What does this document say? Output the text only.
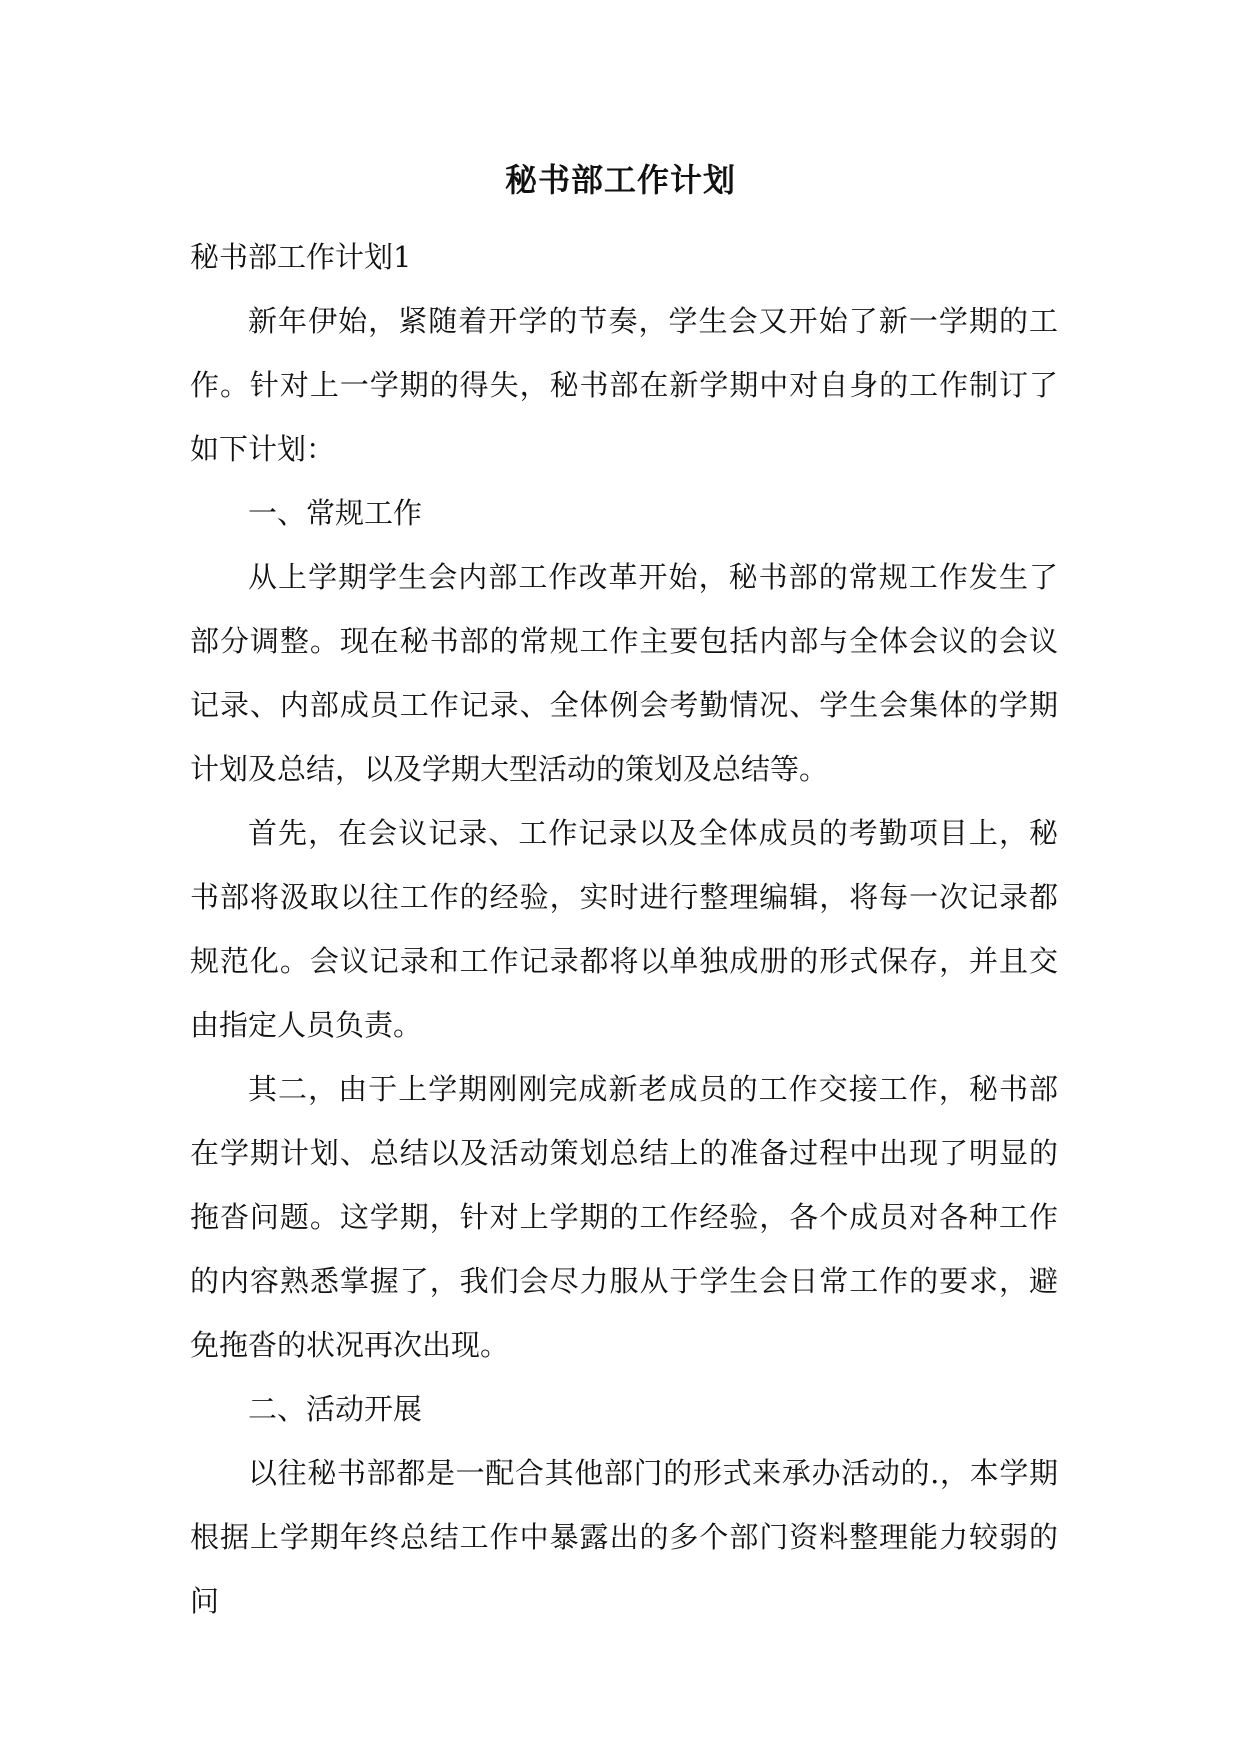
秘书部工作计划

秘书部工作计划1

新年伊始，紧随着开学的节奏，学生会又开始了新一学期的工作。针对上一学期的得失，秘书部在新学期中对自身的工作制订了如下计划：

一、常规工作

从上学期学生会内部工作改革开始，秘书部的常规工作发生了部分调整。现在秘书部的常规工作主要包括内部与全体会议的会议记录、内部成员工作记录、全体例会考勤情况、学生会集体的学期计划及总结，以及学期大型活动的策划及总结等。

首先，在会议记录、工作记录以及全体成员的考勤项目上，秘书部将汲取以往工作的经验，实时进行整理编辑，将每一次记录都规范化。会议记录和工作记录都将以单独成册的形式保存，并且交由指定人员负责。

其二，由于上学期刚刚完成新老成员的工作交接工作，秘书部在学期计划、总结以及活动策划总结上的准备过程中出现了明显的拖沓问题。这学期，针对上学期的工作经验，各个成员对各种工作的内容熟悉掌握了，我们会尽力服从于学生会日常工作的要求，避免拖沓的状况再次出现。

二、活动开展

以往秘书部都是一配合其他部门的形式来承办活动的.，本学期根据上学期年终总结工作中暴露出的多个部门资料整理能力较弱的问
